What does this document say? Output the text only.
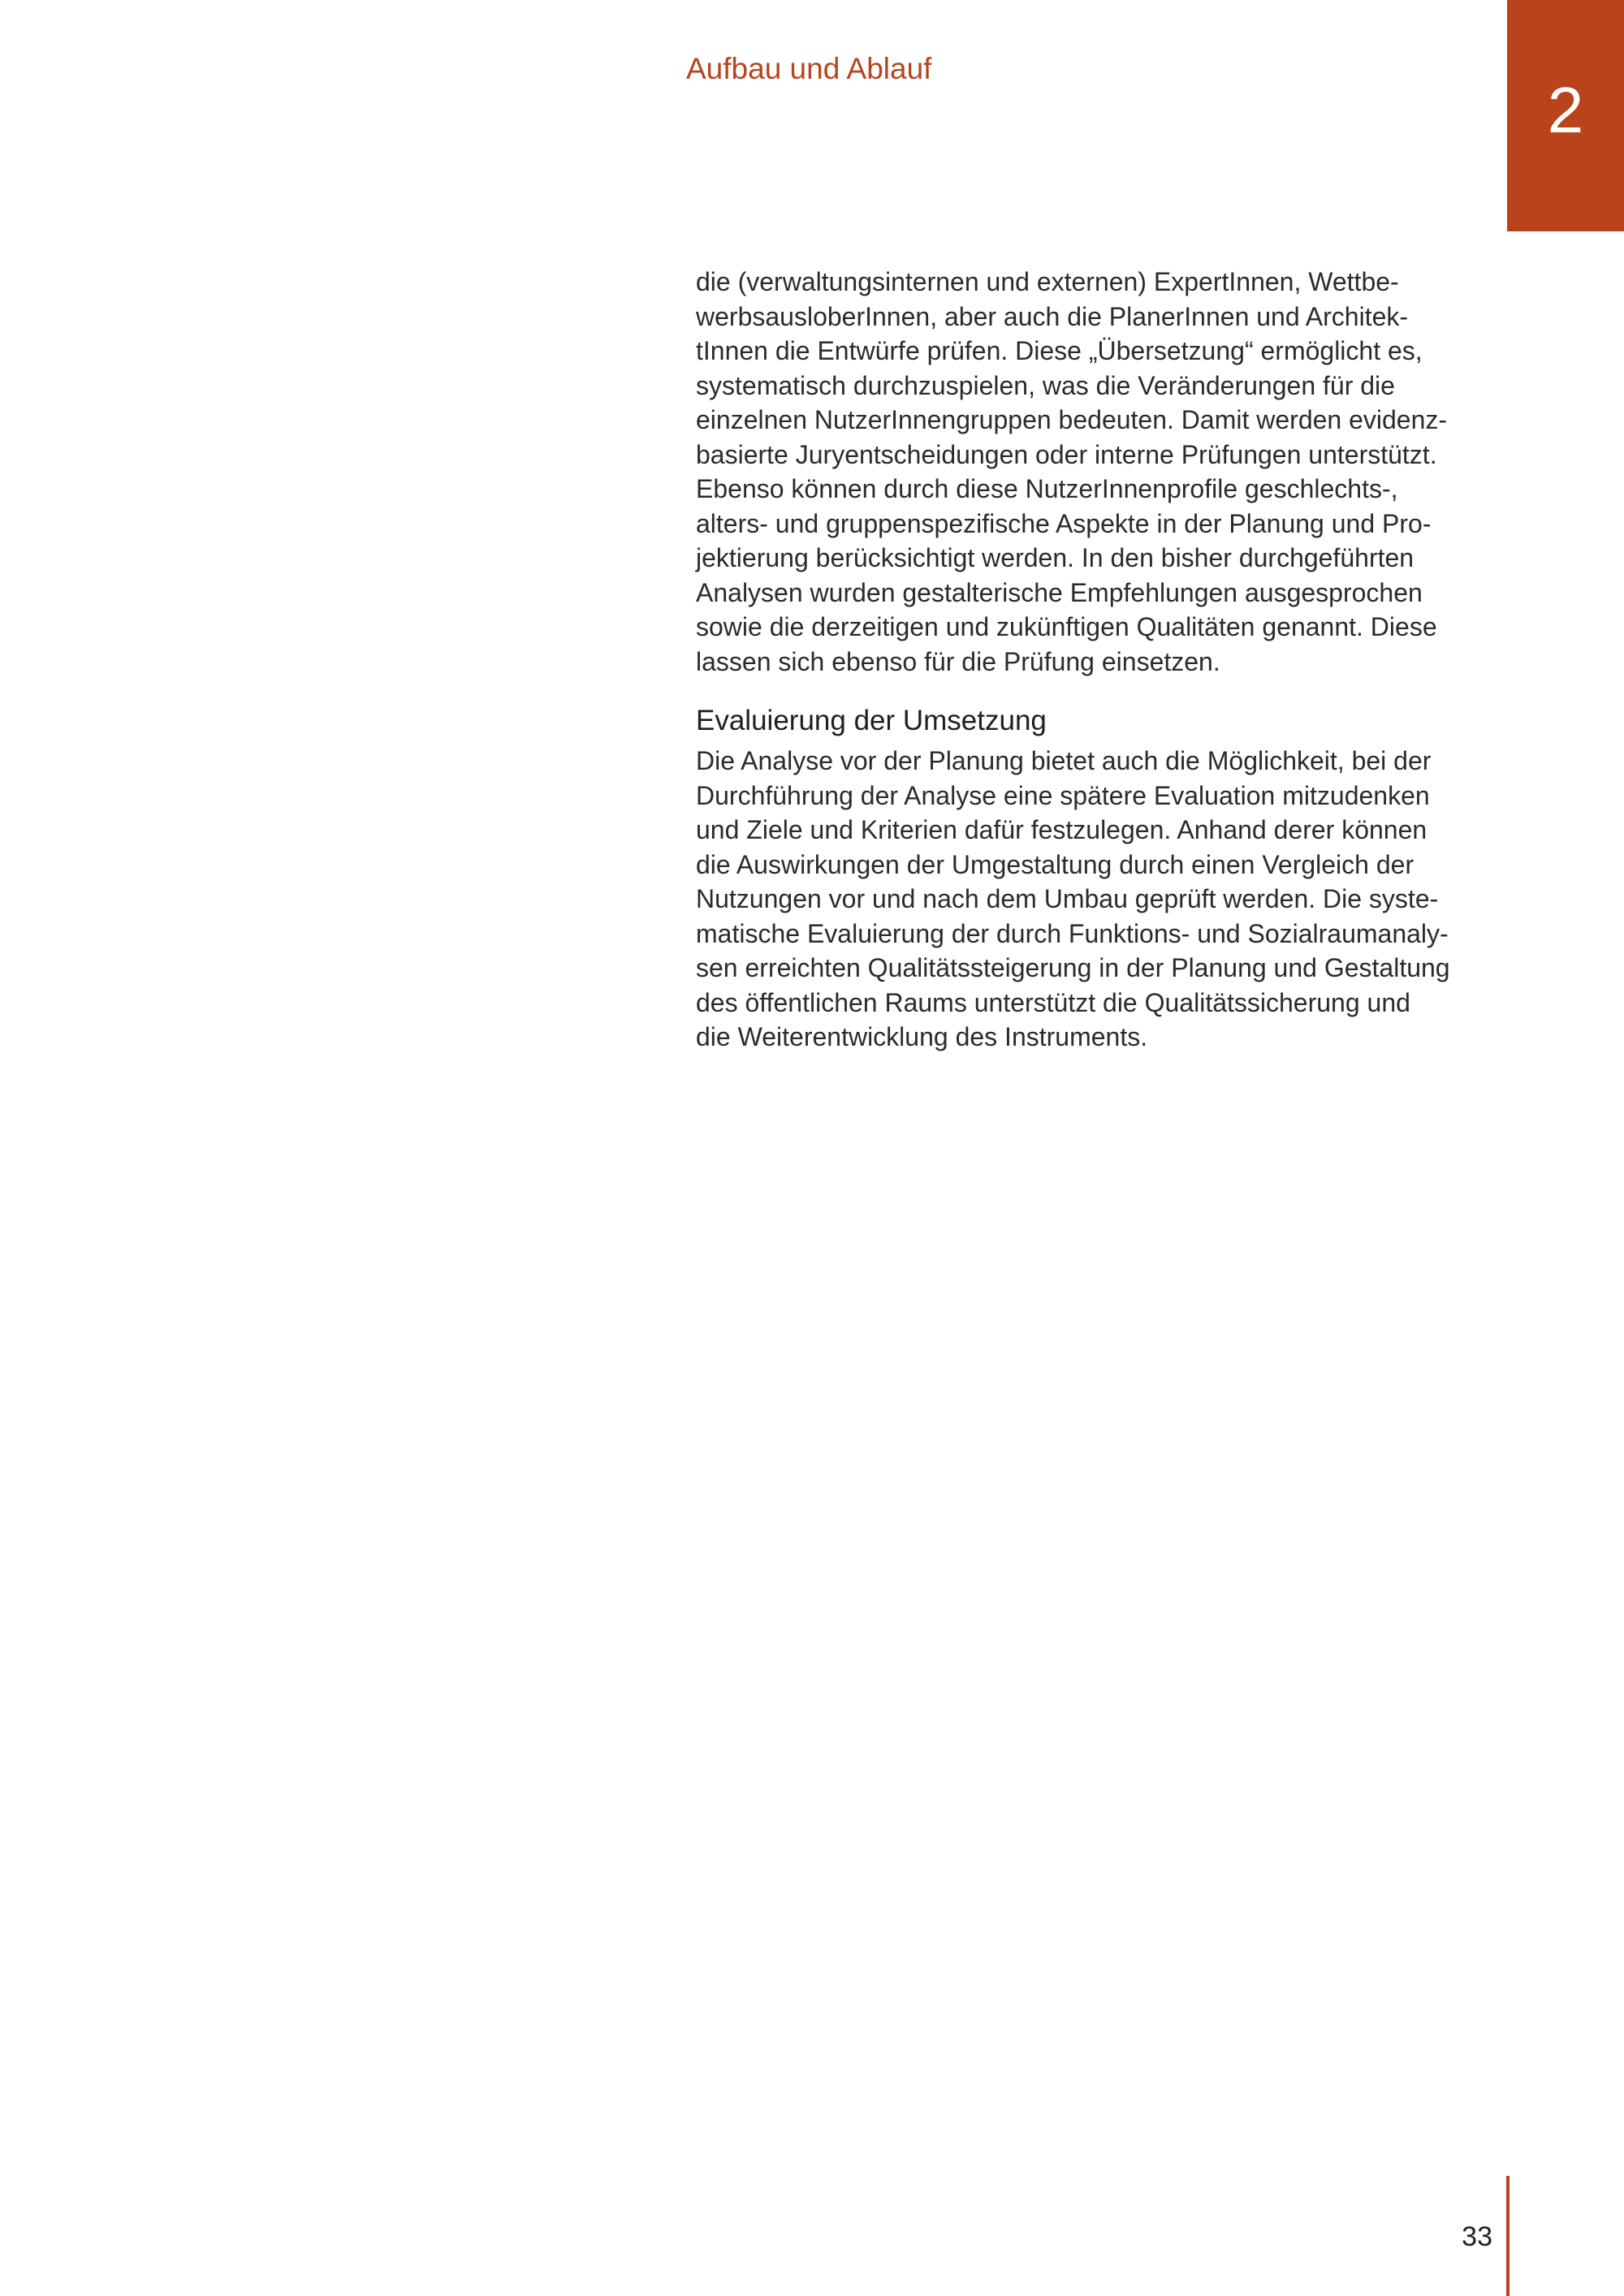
Aufbau und Ablauf
2
die (verwaltungsinternen und externen) ExpertInnen, Wettbe-
werbsausloberInnen, aber auch die PlanerInnen und Architek-
tInnen die Entwürfe prüfen. Diese „Übersetzung“ ermöglicht es,
systematisch durchzuspielen, was die Veränderungen für die
einzelnen NutzerInnengruppen bedeuten. Damit werden evidenz-
basierte Juryentscheidungen oder interne Prüfungen unterstützt.
Ebenso können durch diese NutzerInnenprofile geschlechts-,
alters- und gruppenspezifische Aspekte in der Planung und Pro-
jektierung berücksichtigt werden. In den bisher durchgeführten
Analysen wurden gestalterische Empfehlungen ausgesprochen
sowie die derzeitigen und zukünftigen Qualitäten genannt. Diese
lassen sich ebenso für die Prüfung einsetzen.
Evaluierung der Umsetzung
Die Analyse vor der Planung bietet auch die Möglichkeit, bei der
Durchführung der Analyse eine spätere Evaluation mitzudenken
und Ziele und Kriterien dafür festzulegen. Anhand derer können
die Auswirkungen der Umgestaltung durch einen Vergleich der
Nutzungen vor und nach dem Umbau geprüft werden. Die syste-
matische Evaluierung der durch Funktions- und Sozialraumanaly-
sen erreichten Qualitätssteigerung in der Planung und Gestaltung
des öffentlichen Raums unterstützt die Qualitätssicherung und
die Weiterentwicklung des Instruments.
33
